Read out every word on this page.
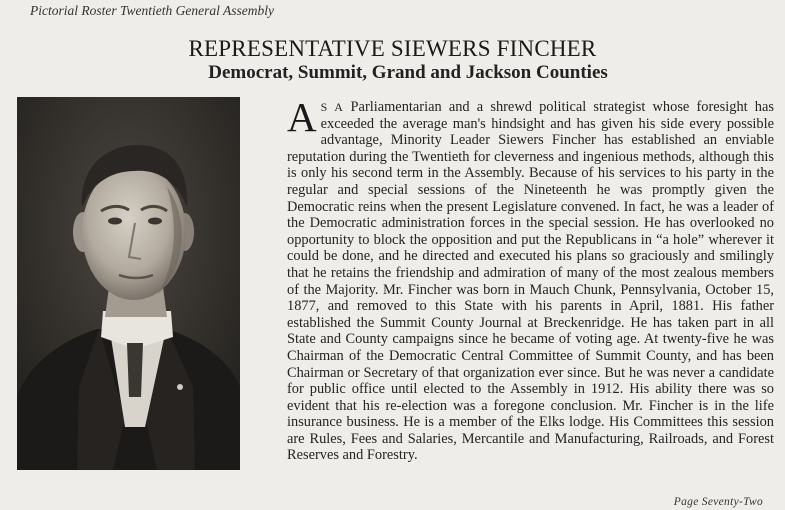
Pictorial Roster Twentieth General Assembly
REPRESENTATIVE SIEWERS FINCHER
Democrat, Summit, Grand and Jackson Counties
A S A Parliamentarian and a shrewd political strategist whose foresight has exceeded the average man's hindsight and has given his side every possible advantage, Minority Leader Siewers Fincher has established an enviable reputation during the Twentieth for cleverness and ingenious methods, although this is only his second term in the Assembly. Because of his services to his party in the regular and special sessions of the Nineteenth he was promptly given the Democratic reins when the present Legislature convened. In fact, he was a leader of the Democratic administration forces in the special session. He has overlooked no opportunity to block the opposition and put the Republicans in “a hole” wherever it could be done, and he directed and executed his plans so graciously and smilingly that he retains the friendship and admiration of many of the most zealous members of the Majority. Mr. Fincher was born in Mauch Chunk, Pennsylvania, October 15, 1877, and removed to this State with his parents in April, 1881. His father established the Summit County Journal at Breckenridge. He has taken part in all State and County campaigns since he became of voting age. At twenty-five he was Chairman of the Democratic Central Committee of Summit County, and has been Chairman or Secretary of that organization ever since. But he was never a candidate for public office until elected to the Assembly in 1912. His ability there was so evident that his re-election was a foregone conclusion. Mr. Fincher is in the life insurance business. He is a member of the Elks lodge. His Committees this session are Rules, Fees and Salaries, Mercantile and Manufacturing, Railroads, and Forest Reserves and Forestry.
Page Seventy-Two
